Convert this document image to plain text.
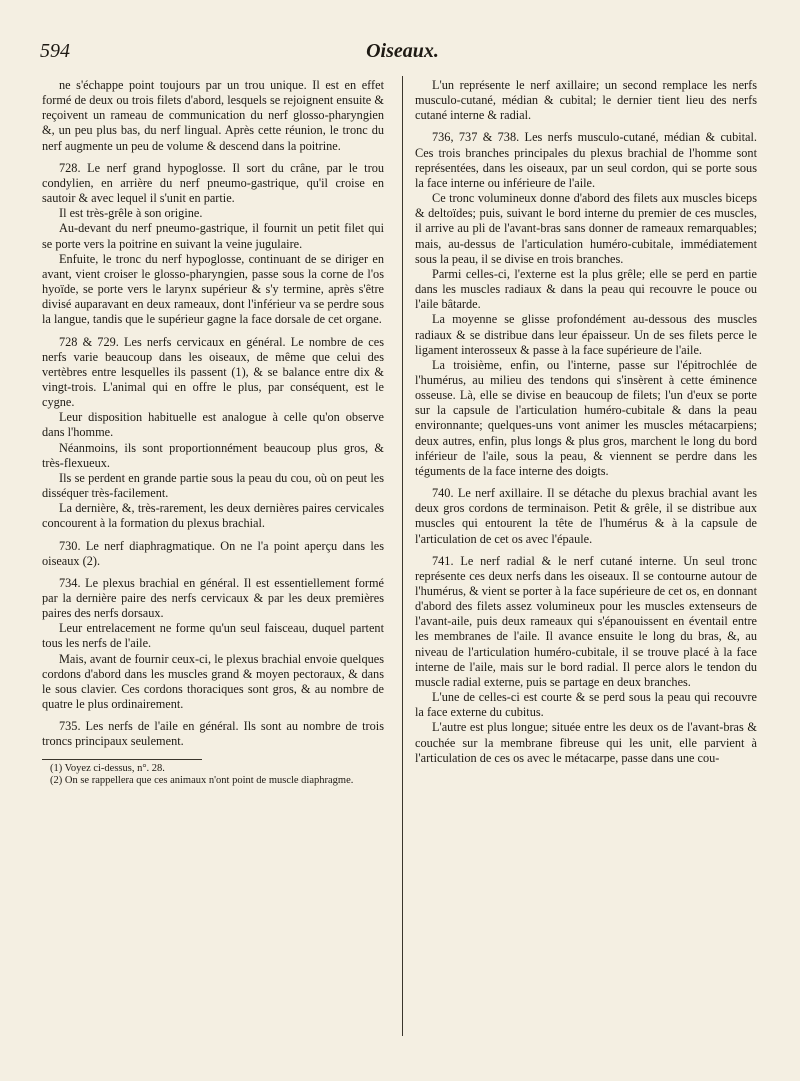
594	Oiseaux.

ne s'échappe point toujours par un trou unique. Il est en effet formé de deux ou trois filets d'abord, lesquels se rejoignent ensuite & reçoivent un rameau de communication du nerf glosso-pharyngien &, un peu plus bas, du nerf lingual. Après cette réunion, le tronc du nerf augmente un peu de volume & descend dans la poitrine.

728. Le nerf grand hypoglosse. Il sort du crâne, par le trou condylien, en arrière du nerf pneumo-gastrique, qu'il croise en sautoir & avec lequel il s'unit en partie.

Il est très-grêle à son origine.

Au-devant du nerf pneumo-gastrique, il fournit un petit filet qui se porte vers la poitrine en suivant la veine jugulaire.

Enfuite, le tronc du nerf hypoglosse, continuant de se diriger en avant, vient croiser le glosso-pharyngien, passe sous la corne de l'os hyoïde, se porte vers le larynx supérieur & s'y termine, après s'être divisé auparavant en deux rameaux, dont l'inférieur va se perdre sous la langue, tandis que le supérieur gagne la face dorsale de cet organe.

728 & 729. Les nerfs cervicaux en général. Le nombre de ces nerfs varie beaucoup dans les oiseaux, de même que celui des vertèbres entre lesquelles ils passent (1), & se balance entre dix & vingt-trois. L'animal qui en offre le plus, par conséquent, est le cygne.

Leur disposition habituelle est analogue à celle qu'on observe dans l'homme.

Néanmoins, ils sont proportionnément beaucoup plus gros, & très-flexueux.

Ils se perdent en grande partie sous la peau du cou, où on peut les disséquer très-facilement.

La dernière, &, très-rarement, les deux dernières paires cervicales concourent à la formation du plexus brachial.

730. Le nerf diaphragmatique. On ne l'a point aperçu dans les oiseaux (2).

734. Le plexus brachial en général. Il est essentiellement formé par la dernière paire des nerfs cervicaux & par les deux premières paires des nerfs dorsaux.

Leur entrelacement ne forme qu'un seul faisceau, duquel partent tous les nerfs de l'aile.

Mais, avant de fournir ceux-ci, le plexus brachial envoie quelques cordons d'abord dans les muscles grand & moyen pectoraux, & dans le sous clavier. Ces cordons thoraciques sont gros, & au nombre de quatre le plus ordinairement.

735. Les nerfs de l'aile en général. Ils sont au nombre de trois troncs principaux seulement.

(1) Voyez ci-dessus, n°. 28.

(2) On se rappellera que ces animaux n'ont point de muscle diaphragme.

L'un représente le nerf axillaire; un second remplace les nerfs musculo-cutané, médian & cubital; le dernier tient lieu des nerfs cutané interne & radial.

736, 737 & 738. Les nerfs musculo-cutané, médian & cubital. Ces trois branches principales du plexus brachial de l'homme sont représentées, dans les oiseaux, par un seul cordon, qui se porte sous la face interne ou inférieure de l'aile.

Ce tronc volumineux donne d'abord des filets aux muscles biceps & deltoïdes; puis, suivant le bord interne du premier de ces muscles, il arrive au pli de l'avant-bras sans donner de rameaux remarquables; mais, au-dessus de l'articulation huméro-cubitale, immédiatement sous la peau, il se divise en trois branches.

Parmi celles-ci, l'externe est la plus grêle; elle se perd en partie dans les muscles radiaux & dans la peau qui recouvre le pouce ou l'aile bâtarde.

La moyenne se glisse profondément au-dessous des muscles radiaux & se distribue dans leur épaisseur. Un de ses filets perce le ligament interosseux & passe à la face supérieure de l'aile.

La troisième, enfin, ou l'interne, passe sur l'épitrochlée de l'humérus, au milieu des tendons qui s'insèrent à cette éminence osseuse. Là, elle se divise en beaucoup de filets; l'un d'eux se porte sur la capsule de l'articulation huméro-cubitale & dans la peau environnante; quelques-uns vont animer les muscles métacarpiens; deux autres, enfin, plus longs & plus gros, marchent le long du bord inférieur de l'aile, sous la peau, & viennent se perdre dans les téguments de la face interne des doigts.

740. Le nerf axillaire. Il se détache du plexus brachial avant les deux gros cordons de terminaison. Petit & grêle, il se distribue aux muscles qui entourent la tête de l'humérus & à la capsule de l'articulation de cet os avec l'épaule.

741. Le nerf radial & le nerf cutané interne. Un seul tronc représente ces deux nerfs dans les oiseaux. Il se contourne autour de l'humérus, & vient se porter à la face supérieure de cet os, en donnant d'abord des filets assez volumineux pour les muscles extenseurs de l'avant-aile, puis deux rameaux qui s'épanouissent en éventail entre les membranes de l'aile. Il avance ensuite le long du bras, &, au niveau de l'articulation huméro-cubitale, il se trouve placé à la face interne de l'aile, mais sur le bord radial. Il perce alors le tendon du muscle radial externe, puis se partage en deux branches.

L'une de celles-ci est courte & se perd sous la peau qui recouvre la face externe du cubitus.

L'autre est plus longue; située entre les deux os de l'avant-bras & couchée sur la membrane fibreuse qui les unit, elle parvient à l'articulation de ces os avec le métacarpe, passe dans une cou-
